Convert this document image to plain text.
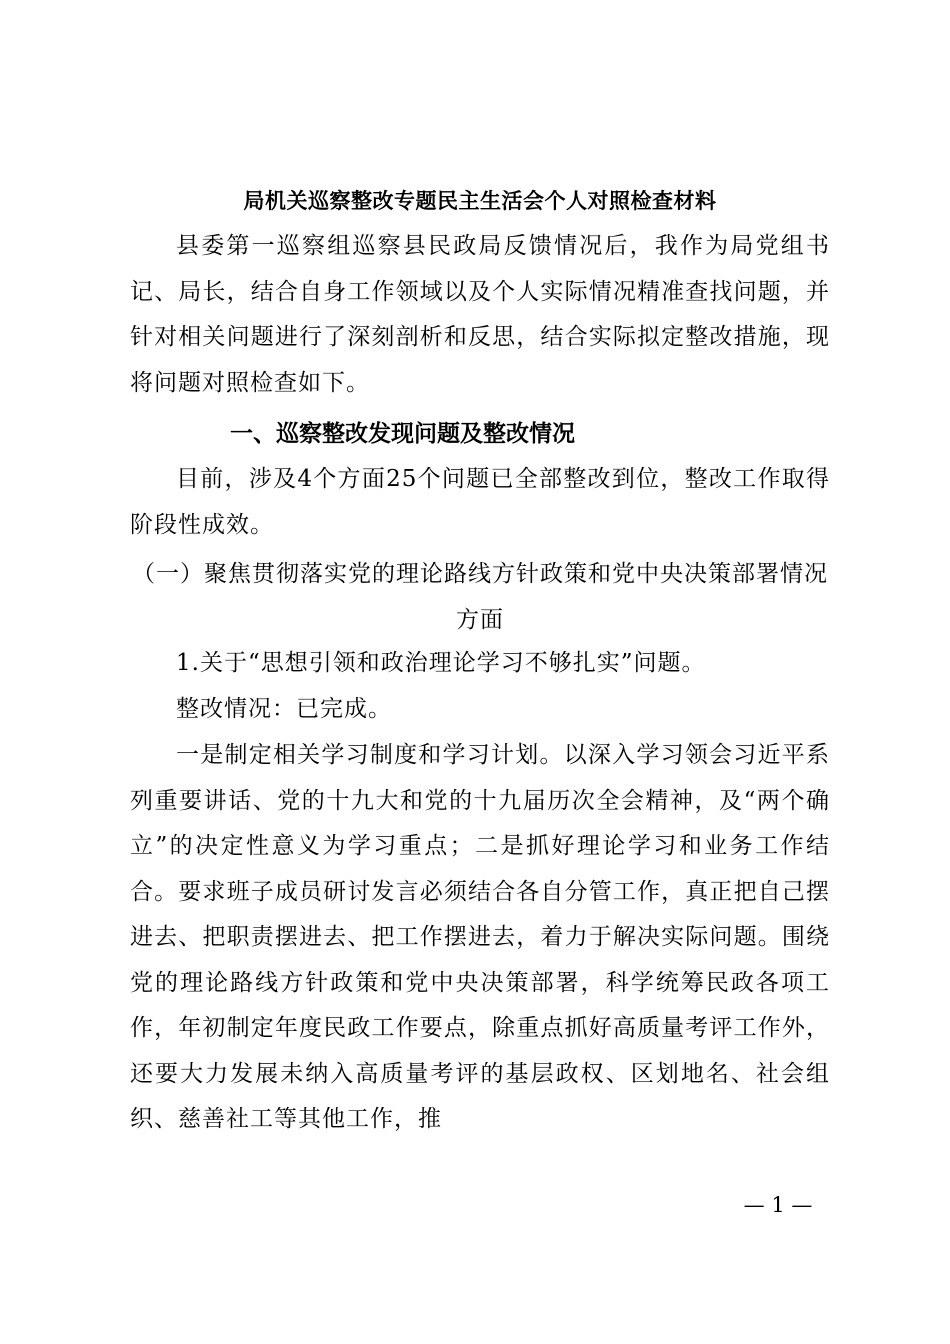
局机关巡察整改专题民主生活会个人对照检查材料

县委第一巡察组巡察县民政局反馈情况后，我作为局党组书记、局长，结合自身工作领域以及个人实际情况精准查找问题，并针对相关问题进行了深刻剖析和反思，结合实际拟定整改措施，现将问题对照检查如下。

一、巡察整改发现问题及整改情况

目前，涉及4个方面25个问题已全部整改到位，整改工作取得阶段性成效。

（一）聚焦贯彻落实党的理论路线方针政策和党中央决策部署情况方面

1.关于“思想引领和政治理论学习不够扎实”问题。

整改情况：已完成。

一是制定相关学习制度和学习计划。以深入学习领会习近平系列重要讲话、党的十九大和党的十九届历次全会精神，及“两个确立”的决定性意义为学习重点；二是抓好理论学习和业务工作结合。要求班子成员研讨发言必须结合各自分管工作，真正把自己摆进去、把职责摆进去、把工作摆进去，着力于解决实际问题。围绕党的理论路线方针政策和党中央决策部署，科学统筹民政各项工作，年初制定年度民政工作要点，除重点抓好高质量考评工作外，还要大力发展未纳入高质量考评的基层政权、区划地名、社会组织、慈善社工等其他工作，推

— 1 —
